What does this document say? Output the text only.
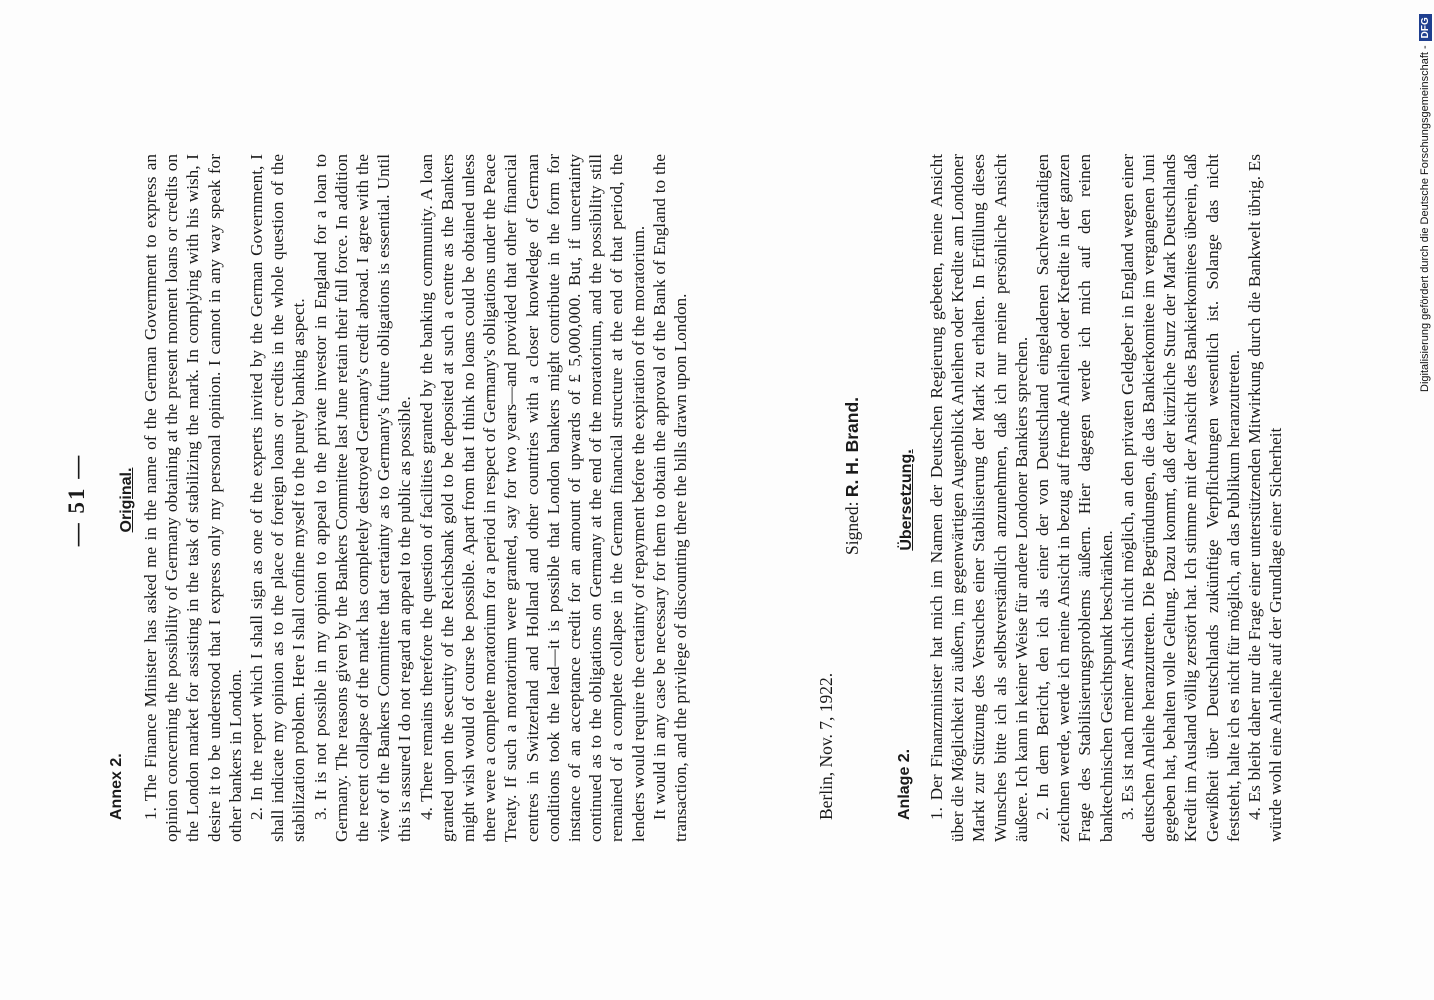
— 51 —
Annex 2.
Original. 1. The Finance Minister has asked me in the name of the German Government to express an opinion concerning the possibility of Germany obtaining at the present moment loans or credits on the London market for assisting in the task of stabilizing the mark. In complying with his wish, I desire it to be understood that I express only my personal opinion. I cannot in any way speak for other bankers in London. 2. In the report which I shall sign as one of the experts invited by the German Government, I shall indicate my opinion as to the place of foreign loans or credits in the whole question of the stabilization problem. Here I shall confine myself to the purely banking aspect. 3. It is not possible in my opinion to appeal to the private investor in England for a loan to Germany. The reasons given by the Bankers Committee last June retain their full force. In addition the recent collapse of the mark has completely destroyed Germany's credit abroad. I agree with the view of the Bankers Committee that certainty as to Germany's future obligations is essential. Until this is assured I do not regard an appeal to the public as possible. 4. There remains therefore the question of facilities granted by the banking community. A loan granted upon the security of the Reichsbank gold to be deposited at such a centre as the Bankers might wish would of course be possible. Apart from that I think no loans could be obtained unless there were a complete moratorium for a period in respect of Germany's obligations under the Peace Treaty. If such a moratorium were granted, say for two years—and provided that other financial centres in Switzerland and Holland and other countries with a closer knowledge of German conditions took the lead—it is possible that London bankers might contribute in the form for instance of an acceptance credit for an amount of upwards of £ 5,000,000. But, if uncertainty continued as to the obligations on Germany at the end of the moratorium, and the possibility still remained of a complete collapse in the German financial structure at the end of that period, the lenders would require the certainty of repayment before the expiration of the moratorium. It would in any case be necessary for them to obtain the approval of the Bank of England to the transaction, and the privilege of discounting there the bills drawn upon London.	Berlin, Nov. 7, 1922.
Signed: R. H. Brand.
Anlage 2.
Übersetzung. 1. Der Finanzminister hat mich im Namen der Deutschen Regierung gebeten, meine Ansicht über die Möglichkeit zu äußern, im gegenwärtigen Augenblick Anleihen oder Kredite am Londoner Markt zur Stützung des Versuches einer Stabilisierung der Mark zu erhalten. In Erfüllung dieses Wunsches bitte ich als selbstverständlich anzunehmen, daß ich nur meine persönliche Ansicht äußere. Ich kann in keiner Weise für andere Londoner Bankiers sprechen. 2. In dem Bericht, den ich als einer der von Deutschland eingeladenen Sachverständigen zeichnen werde, werde ich meine Ansicht in bezug auf fremde Anleihen oder Kredite in der ganzen Frage des Stabilisierungsproblems äußern. Hier dagegen werde ich mich auf den reinen banktechnischen Gesichtspunkt beschränken. 3. Es ist nach meiner Ansicht nicht möglich, an den privaten Geldgeber in England wegen einer deutschen Anleihe heranzutreten. Die Begründungen, die das Bankierkomitee im vergangenen Juni gegeben hat, behalten volle Geltung. Dazu kommt, daß der kürzliche Sturz der Mark Deutschlands Kredit im Ausland völlig zerstört hat. Ich stimme mit der Ansicht des Bankierkomitees überein, daß Gewißheit über Deutschlands zukünftige Verpflichtungen wesentlich ist. Solange das nicht feststeht, halte ich es nicht für möglich, an das Publikum heranzutreten. 4. Es bleibt daher nur die Frage einer unterstützenden Mitwirkung durch die Bankwelt übrig. Es würde wohl eine Anleihe auf der Grundlage einer Sicherheit

Digitalisierung gefördert durch die Deutsche Forschungsgemeinschaft -
DFG
